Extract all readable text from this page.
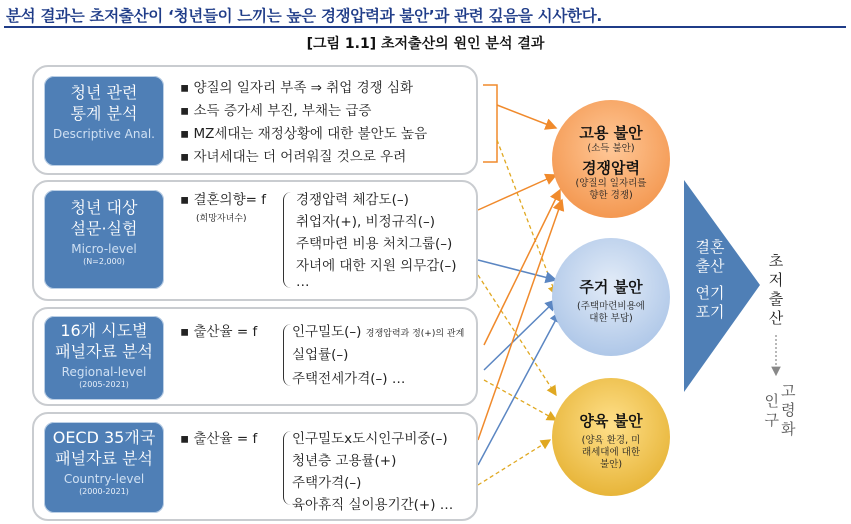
분석 결과는 초저출산이 ‘청년들이 느끼는 높은 경쟁압력과 불안’과 관련 깊음을 시사한다.
[그림 1.1] 초저출산의 원인 분석 결과
청년 관련
통계 분석
Descriptive Anal.
▪ 양질의 일자리 부족 ⇒ 취업 경쟁 심화
▪ 소득 증가세 부진, 부채는 급증
▪ MZ세대는 재정상황에 대한 불안도 높음
▪ 자녀세대는 더 어려워질 것으로 우려
청년 대상
설문·실험
Micro-level
(N=2,000)
▪ 결혼의향= f
(희망자녀수)
경쟁압력 체감도(–)
취업자(+), 비정규직(–)
주택마련 비용 처치그룹(–)
자녀에 대한 지원 의무감(–)
…
16개 시도별
패널자료 분석
Regional-level
(2005-2021)
▪ 출산율 = f	인구밀도(–) 경쟁압력과 정(+)의 관계
실업률(–)
주택전세가격(–) …
OECD 35개국
패널자료 분석
Country-level
(2000-2021)
▪ 출산율 = f	인구밀도x도시인구비중(–)
청년층 고용률(+)
주택가격(–)
육아휴직 실이용기간(+) …
고용 불안
(소득 불안)
경쟁압력
(양질의 일자리를 향한 경쟁)
주거 불안
(주택마련비용에 대한 부담)
양육 불안
(양육 환경, 미래세대에 대한 불안)
결혼
출산
연기
포기
초
저
출
산
인
구
고
령
화
